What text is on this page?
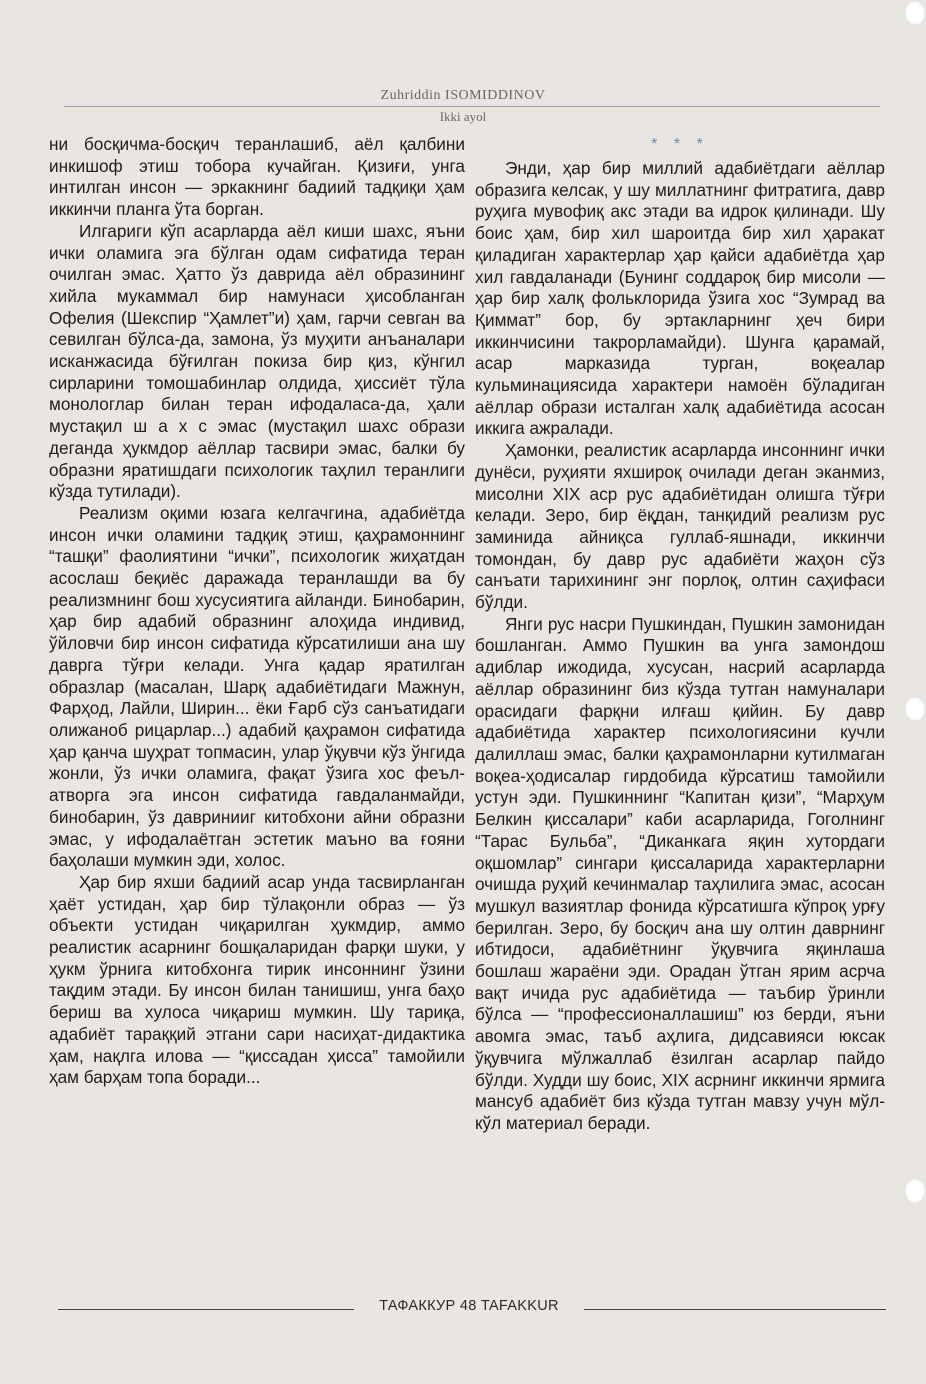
Zuhriddin ISOMIDDINOV
Ikki ayol

ни босқичма-босқич теранлашиб, аёл қалбини инкишоф этиш тобора кучайган. Қизиғи, унга интилган инсон — эркакнинг бадиий тадқиқи ҳам иккинчи планга ўта борган.

Илгариги кўп асарларда аёл киши шахс, яъни ички оламига эга бўлган одам сифатида теран очилган эмас. Ҳатто ўз даврида аёл образининг хийла мукаммал бир намунаси ҳисобланган Офелия (Шекспир “Ҳамлет”и) ҳам, гарчи севган ва севилган бўлса-да, замона, ўз муҳити анъаналари исканжасида бўғилган покиза бир қиз, кўнгил сирларини томошабинлар олдида, ҳиссиёт тўла монологлар билан теран ифодаласа-да, ҳали мустақил ш а х с эмас (мустақил шахс образи деганда ҳукмдор аёллар тасвири эмас, балки бу образни яратишдаги психологик таҳлил теранлиги кўзда тутилади).

Реализм оқими юзага келгачгина, адабиётда инсон ички оламини тадқиқ этиш, қаҳрамоннинг “ташқи” фаолиятини “ички”, психологик жиҳатдан асослаш беқиёс даражада теранлашди ва бу реализмнинг бош хусусиятига айланди. Бинобарин, ҳар бир адабий образнинг алоҳида индивид, ўйловчи бир инсон сифатида кўрсатилиши ана шу даврга тўғри келади. Унга қадар яратилган образлар (масалан, Шарқ адабиётидаги Мажнун, Фарҳод, Лайли, Ширин... ёки Ғарб сўз санъатидаги олижаноб рицарлар...) адабий қаҳрамон сифатида ҳар қанча шуҳрат топмасин, улар ўқувчи кўз ўнгида жонли, ўз ички оламига, фақат ўзига хос феъл-атворга эга инсон сифатида гавдаланмайди, бинобарин, ўз давринииг китобхони айни образни эмас, у ифодалаётган эстетик маъно ва ғояни баҳолаши мумкин эди, холос.

Ҳар бир яхши бадиий асар унда тасвирланган ҳаёт устидан, ҳар бир тўлақонли образ — ўз объекти устидан чиқарилган ҳукмдир, аммо реалистик асарнинг бошқаларидан фарқи шуки, у ҳукм ўрнига китобхонга тирик инсоннинг ўзини тақдим этади. Бу инсон билан танишиш, унга баҳо бериш ва хулоса чиқариш мумкин. Шу тариқа, адабиёт тараққий этгани сари насиҳат-дидактика ҳам, нақлга илова — “қиссадан ҳисса” тамойили ҳам барҳам топа боради...

* * *

Энди, ҳар бир миллий адабиётдаги аёллар образига келсак, у шу миллатнинг фитратига, давр руҳига мувофиқ акс этади ва идрок қилинади. Шу боис ҳам, бир хил шароитда бир хил ҳаракат қиладиган характерлар ҳар қайси адабиётда ҳар хил гавдаланади (Бунинг соддароқ бир мисоли — ҳар бир халқ фольклорида ўзига хос “Зумрад ва Қиммат” бор, бу эртакларнинг ҳеч бири иккинчисини такрорламайди). Шунга қарамай, асар марказида турган, воқеалар кульминациясида характери намоён бўладиган аёллар образи исталган халқ адабиётида асосан иккига ажралади.

Ҳамонки, реалистик асарларда инсоннинг ички дунёси, руҳияти яхшироқ очилади деган эканмиз, мисолни XIX аср рус адабиётидан олишга тўғри келади. Зеро, бир ёқдан, танқидий реализм рус заминида айниқса гуллаб-яшнади, иккинчи томондан, бу давр рус адабиёти жаҳон сўз санъати тарихининг энг порлоқ, олтин саҳифаси бўлди.

Янги рус насри Пушкиндан, Пушкин замонидан бошланган. Аммо Пушкин ва унга замондош адиблар ижодида, хусусан, насрий асарларда аёллар образининг биз кўзда тутган намуналари орасидаги фарқни илғаш қийин. Бу давр адабиётида характер психологиясини кучли далиллаш эмас, балки қаҳрамонларни кутилмаган воқеа-ҳодисалар гирдобида кўрсатиш тамойили устун эди. Пушкиннинг “Капитан қизи”, “Марҳум Белкин қиссалари” каби асарларида, Гоголнинг “Тарас Бульба”, “Диканкага яқин хутордаги оқшомлар” сингари қиссаларида характерларни очишда руҳий кечинмалар таҳлилига эмас, асосан мушкул вазиятлар фонида кўрсатишга кўпроқ урғу берилган. Зеро, бу босқич ана шу олтин даврнинг ибтидоси, адабиётнинг ўқувчига яқинлаша бошлаш жараёни эди. Орадан ўтган ярим асрча вақт ичида рус адабиётида — таъбир ўринли бўлса — “профессионаллашиш” юз берди, яъни авомга эмас, таъб аҳлига, дидсавияси юксак ўқувчига мўлжаллаб ёзилган асарлар пайдо бўлди. Худди шу боис, XIX асрнинг иккинчи ярмига мансуб адабиёт биз кўзда тутган мавзу учун мўл-кўл материал беради.

ТАФАККУР 48 TAFAKKUR
